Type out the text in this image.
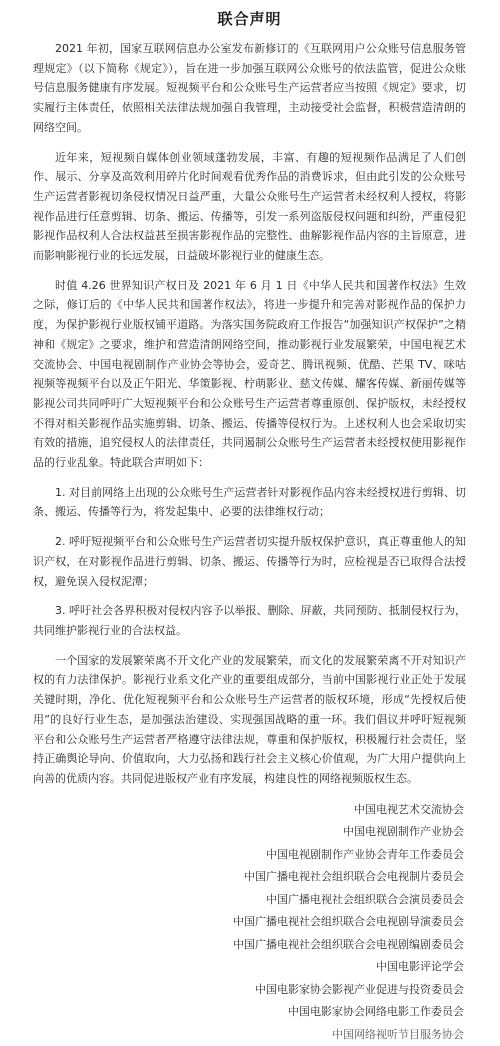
联合声明

2021 年初，国家互联网信息办公室发布新修订的《互联网用户公众账号信息服务管理规定》（以下简称《规定》），旨在进一步加强互联网公众账号的依法监管，促进公众账号信息服务健康有序发展。短视频平台和公众账号生产运营者应当按照《规定》要求，切实履行主体责任，依照相关法律法规加强自我管理，主动接受社会监督，积极营造清朗的网络空间。

近年来，短视频自媒体创业领域蓬勃发展，丰富、有趣的短视频作品满足了人们创作、展示、分享及高效利用碎片化时间观看优秀作品的消费诉求，但由此引发的公众账号生产运营者影视切条侵权情况日益严重，大量公众账号生产运营者未经权利人授权，将影视作品进行任意剪辑、切条、搬运、传播等，引发一系列盗版侵权问题和纠纷，严重侵犯影视作品权利人合法权益甚至损害影视作品的完整性、曲解影视作品内容的主旨原意，进而影响影视行业的长远发展，日益破坏影视行业的健康生态。

时值 4.26 世界知识产权日及 2021 年 6 月 1 日《中华人民共和国著作权法》生效之际，修订后的《中华人民共和国著作权法》，将进一步提升和完善对影视作品的保护力度，为保护影视行业版权铺平道路。为落实国务院政府工作报告“加强知识产权保护”之精神和《规定》之要求，维护和营造清朗网络空间，推动影视行业发展繁荣，中国电视艺术交流协会、中国电视剧制作产业协会等协会，爱奇艺、腾讯视频、优酷、芒果 TV、咪咕视频等视频平台以及正午阳光、华策影视、柠萌影业、慈文传媒、耀客传媒、新丽传媒等影视公司共同呼吁广大短视频平台和公众账号生产运营者尊重原创、保护版权，未经授权不得对相关影视作品实施剪辑、切条、搬运、传播等侵权行为。上述权利人也会采取切实有效的措施，追究侵权人的法律责任，共同遏制公众账号生产运营者未经授权使用影视作品的行业乱象。特此联合声明如下：

1. 对目前网络上出现的公众账号生产运营者针对影视作品内容未经授权进行剪辑、切条、搬运、传播等行为，将发起集中、必要的法律维权行动；

2. 呼吁短视频平台和公众账号生产运营者切实提升版权保护意识，真正尊重他人的知识产权，在对影视作品进行剪辑、切条、搬运、传播等行为时，应检视是否已取得合法授权，避免误入侵权泥潭；

3. 呼吁社会各界积极对侵权内容予以举报、删除、屏蔽，共同预防、抵制侵权行为，共同维护影视行业的合法权益。

一个国家的发展繁荣离不开文化产业的发展繁荣，而文化的发展繁荣离不开对知识产权的有力法律保护。影视行业系文化产业的重要组成部分，当前中国影视行业正处于发展关键时期，净化、优化短视频平台和公众账号生产运营者的版权环境，形成“先授权后使用”的良好行业生态，是加强法治建设、实现强国战略的重一环。我们倡议并呼吁短视频平台和公众账号生产运营者严格遵守法律法规，尊重和保护版权，积极履行社会责任，坚持正确舆论导向、价值取向，大力弘扬和践行社会主义核心价值观，为广大用户提供向上向善的优质内容。共同促进版权产业有序发展，构建良性的网络视频版权生态。

中国电视艺术交流协会
中国电视剧制作产业协会
中国电视剧制作产业协会青年工作委员会
中国广播电视社会组织联合会电视制片委员会
中国广播电视社会组织联合会演员委员会
中国广播电视社会组织联合会电视剧导演委员会
中国广播电视社会组织联合会电视剧编剧委员会
中国电影评论学会
中国电影家协会影视产业促进与投资委员会
中国电影家协会网络电影工作委员会
中国网络视听节目服务协会
